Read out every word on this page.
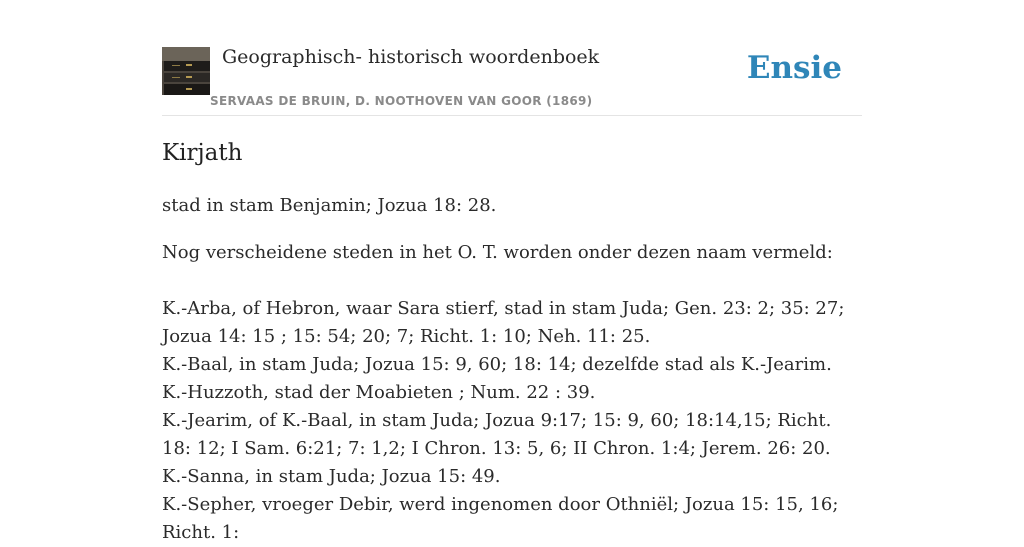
Geographisch- historisch woordenboek
SERVAAS DE BRUIN, D. NOOTHOVEN VAN GOOR (1869)
Ensie
Kirjath

stad in stam Benjamin; Jozua 18: 28.

Nog verscheidene steden in het O. T. worden onder dezen naam vermeld:

K.-Arba, of Hebron, waar Sara stierf, stad in stam Juda; Gen. 23: 2; 35: 27; Jozua 14: 15 ; 15: 54; 20; 7; Richt. 1: 10; Neh. 11: 25.
K.-Baal, in stam Juda; Jozua 15: 9, 60; 18: 14; dezelfde stad als K.-Jearim.
K.-Huzzoth, stad der Moabieten ; Num. 22 : 39.
K.-Jearim, of K.-Baal, in stam Juda; Jozua 9:17; 15: 9, 60; 18:14,15; Richt. 18: 12; I Sam. 6:21; 7: 1,2; I Chron. 13: 5, 6; II Chron. 1:4; Jerem. 26: 20.
K.-Sanna, in stam Juda; Jozua 15: 49.
K.-Sepher, vroeger Debir, werd ingenomen door Othniël; Jozua 15: 15, 16; Richt. 1:
